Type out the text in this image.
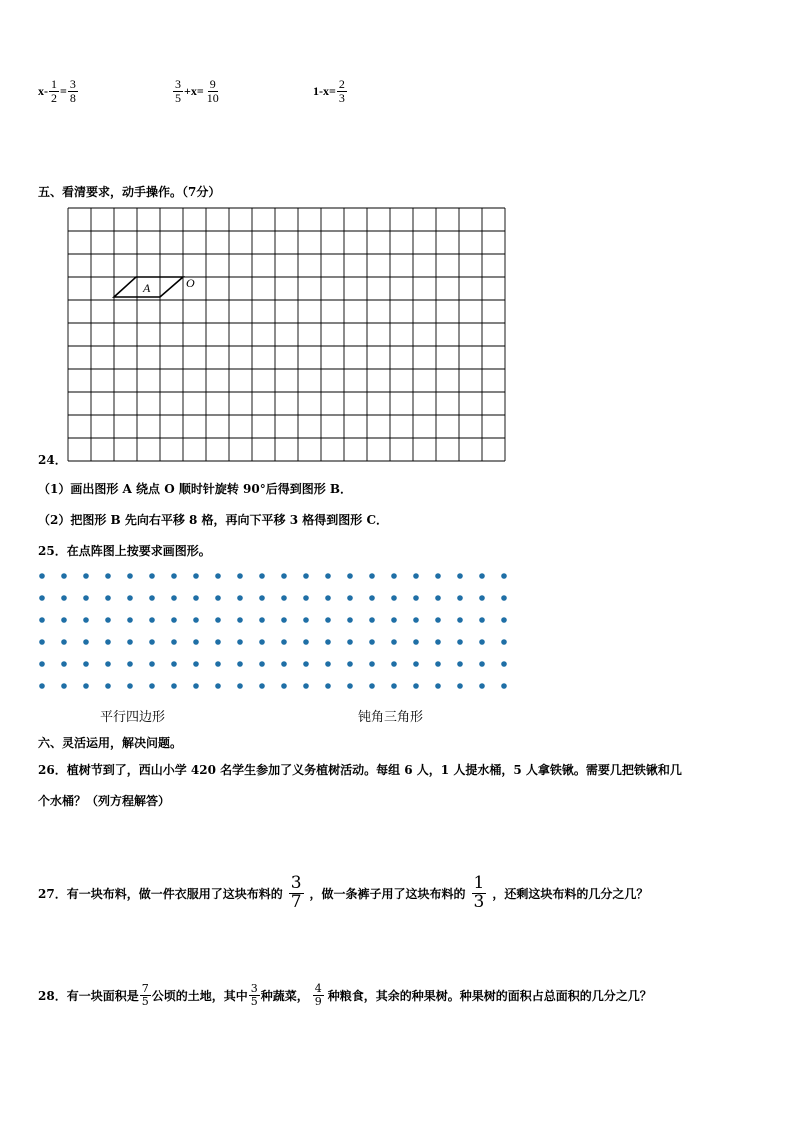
$x- \frac{1}{2} = \frac{3}{8}$	$\frac{3}{5} +x= \frac{9}{10}$	$1-x= \frac{2}{3}$
五、看清要求，动手操作。（7分）
A	O
24．
（1）画出图形 A 绕点 O 顺时针旋转 90°后得到图形 B．
（2）把图形 B 先向右平移 8 格，再向下平移 3 格得到图形 C．
25．在点阵图上按要求画图形。
平行四边形	钝角三角形
六、灵活运用，解决问题。
26．植树节到了，西山小学 420 名学生参加了义务植树活动。每组 6 人，1 人提水桶，5 人拿铁锹。需要几把铁锹和几
个水桶？（列方程解答）
27．有一块布料，做一件衣服用了这块布料的 $\frac{3}{7}$ ，做一条裤子用了这块布料的 $\frac{1}{3}$ ，还剩这块布料的几分之几？
28．有一块面积是 $\frac{7}{5}$ 公顷的土地，其中 $\frac{3}{5}$ 种蔬菜， $\frac{4}{9}$ 种粮食，其余的种果树。种果树的面积占总面积的几分之几？
